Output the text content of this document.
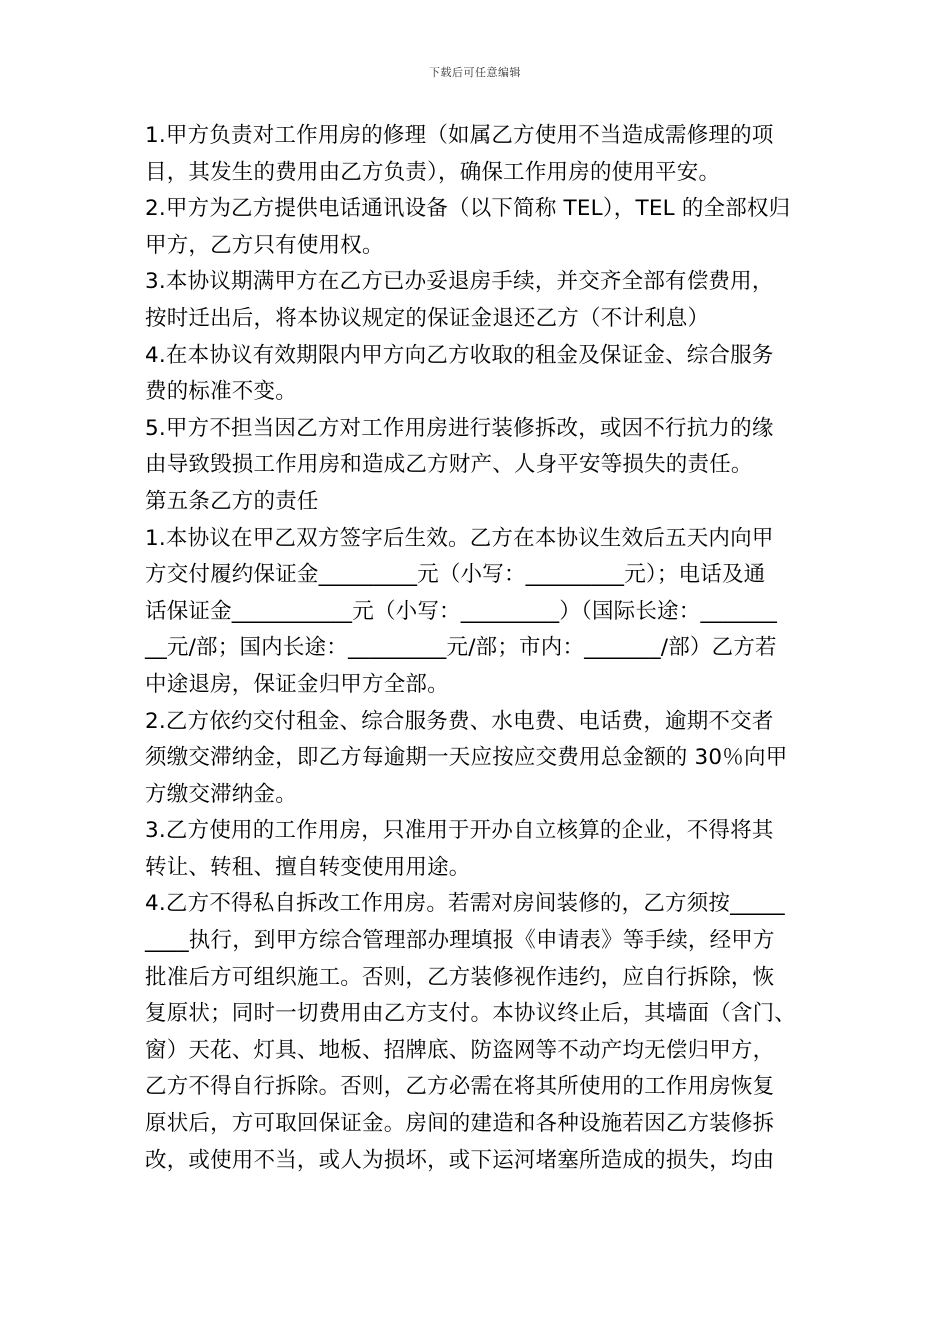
下载后可任意编辑
1.甲方负责对工作用房的修理（如属乙方使用不当造成需修理的项
目，其发生的费用由乙方负责），确保工作用房的使用平安。
2.甲方为乙方提供电话通讯设备（以下简称 TEL），TEL 的全部权归
甲方，乙方只有使用权。
3.本协议期满甲方在乙方已办妥退房手续，并交齐全部有偿费用，
按时迁出后，将本协议规定的保证金退还乙方（不计利息）
4.在本协议有效期限内甲方向乙方收取的租金及保证金、综合服务
费的标准不变。
5.甲方不担当因乙方对工作用房进行装修拆改，或因不行抗力的缘
由导致毁损工作用房和造成乙方财产、人身平安等损失的责任。
第五条乙方的责任
1.本协议在甲乙双方签字后生效。乙方在本协议生效后五天内向甲
方交付履约保证金_________元（小写：_________元）；电话及通
话保证金___________元（小写：_________）（国际长途：_______
__元/部；国内长途：_________元/部；市内：_______/部）乙方若
中途退房，保证金归甲方全部。
2.乙方依约交付租金、综合服务费、水电费、电话费，逾期不交者
须缴交滞纳金，即乙方每逾期一天应按应交费用总金额的 30％向甲
方缴交滞纳金。
3.乙方使用的工作用房，只准用于开办自立核算的企业，不得将其
转让、转租、擅自转变使用用途。
4.乙方不得私自拆改工作用房。若需对房间装修的，乙方须按_____
____执行，到甲方综合管理部办理填报《申请表》等手续，经甲方
批准后方可组织施工。否则，乙方装修视作违约，应自行拆除，恢
复原状；同时一切费用由乙方支付。本协议终止后，其墙面（含门、
窗）天花、灯具、地板、招牌底、防盗网等不动产均无偿归甲方，
乙方不得自行拆除。否则，乙方必需在将其所使用的工作用房恢复
原状后，方可取回保证金。房间的建造和各种设施若因乙方装修拆
改，或使用不当，或人为损坏，或下运河堵塞所造成的损失，均由
